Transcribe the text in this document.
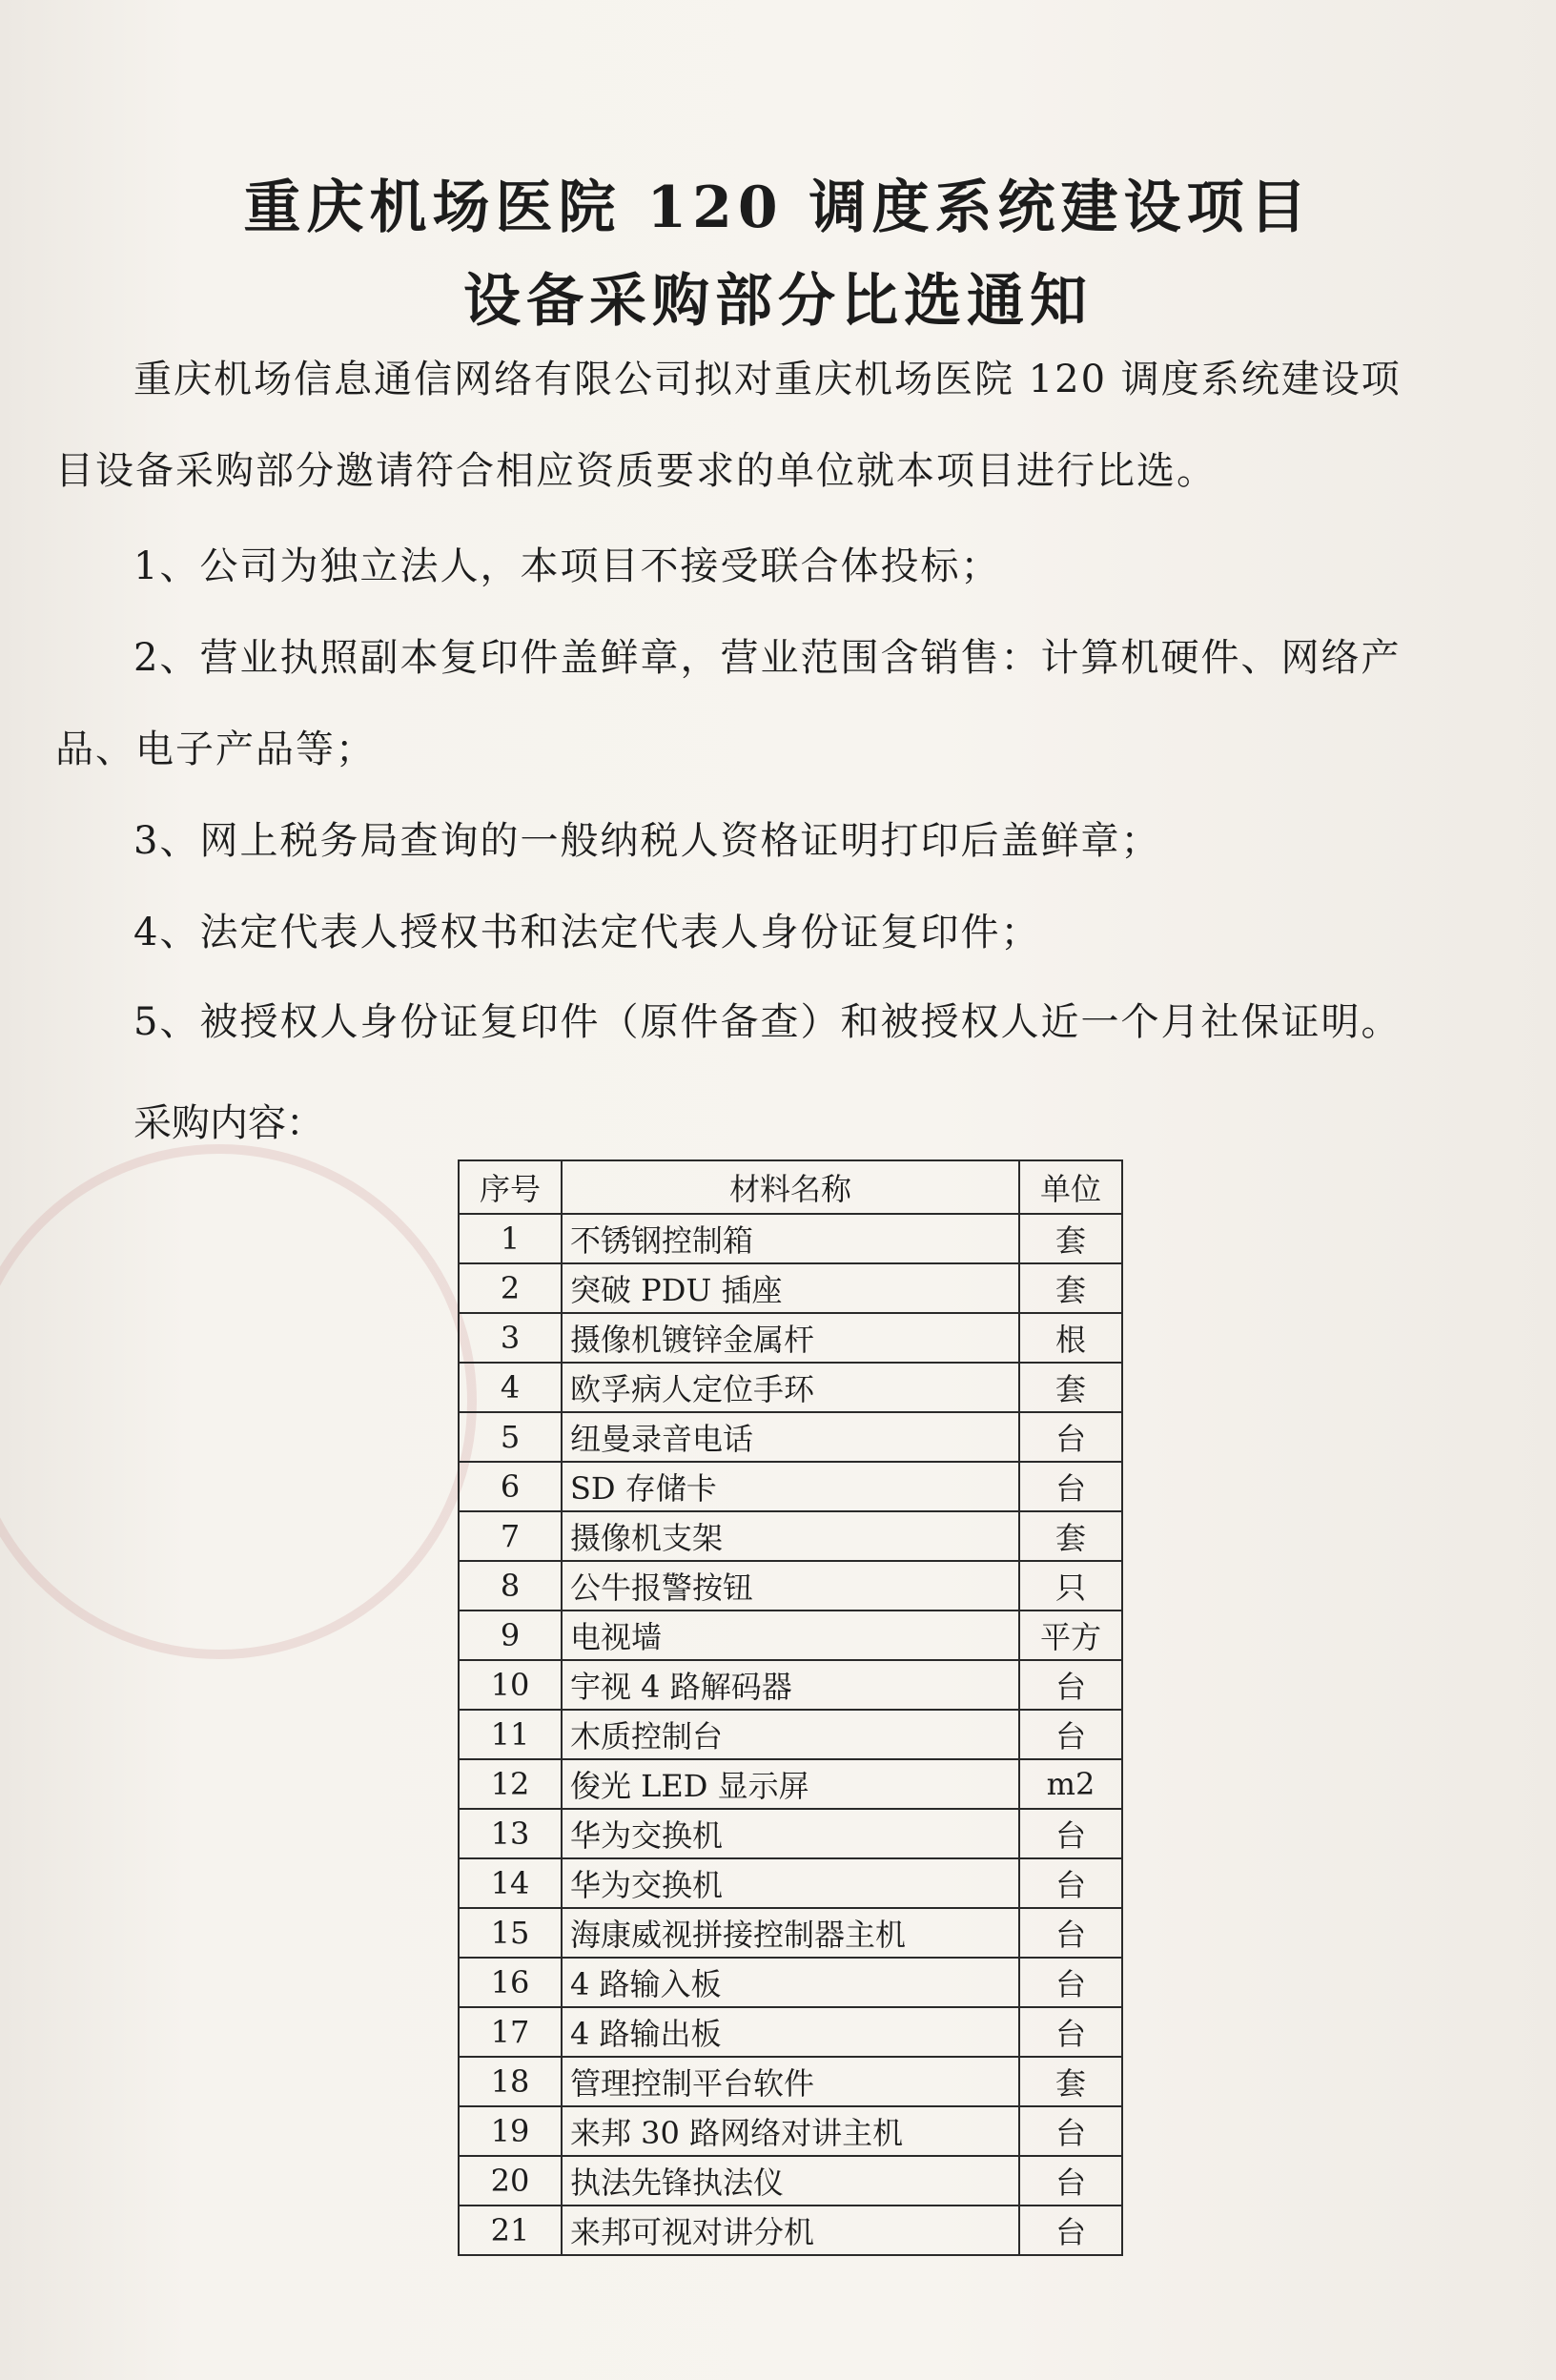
重庆机场医院 120 调度系统建设项目
设备采购部分比选通知
重庆机场信息通信网络有限公司拟对重庆机场医院 120 调度系统建设项
目设备采购部分邀请符合相应资质要求的单位就本项目进行比选。
1、公司为独立法人，本项目不接受联合体投标；
2、营业执照副本复印件盖鲜章，营业范围含销售：计算机硬件、网络产
品、电子产品等；
3、网上税务局查询的一般纳税人资格证明打印后盖鲜章；
4、法定代表人授权书和法定代表人身份证复印件；
5、被授权人身份证复印件（原件备查）和被授权人近一个月社保证明。
采购内容：
序号	材料名称	单位
1	不锈钢控制箱	套
2	突破 PDU 插座	套
3	摄像机镀锌金属杆	根
4	欧孚病人定位手环	套
5	纽曼录音电话	台
6	SD 存储卡	台
7	摄像机支架	套
8	公牛报警按钮	只
9	电视墙	平方
10	宇视 4 路解码器	台
11	木质控制台	台
12	俊光 LED 显示屏	m2
13	华为交换机	台
14	华为交换机	台
15	海康威视拼接控制器主机	台
16	4 路输入板	台
17	4 路输出板	台
18	管理控制平台软件	套
19	来邦 30 路网络对讲主机	台
20	执法先锋执法仪	台
21	来邦可视对讲分机	台
